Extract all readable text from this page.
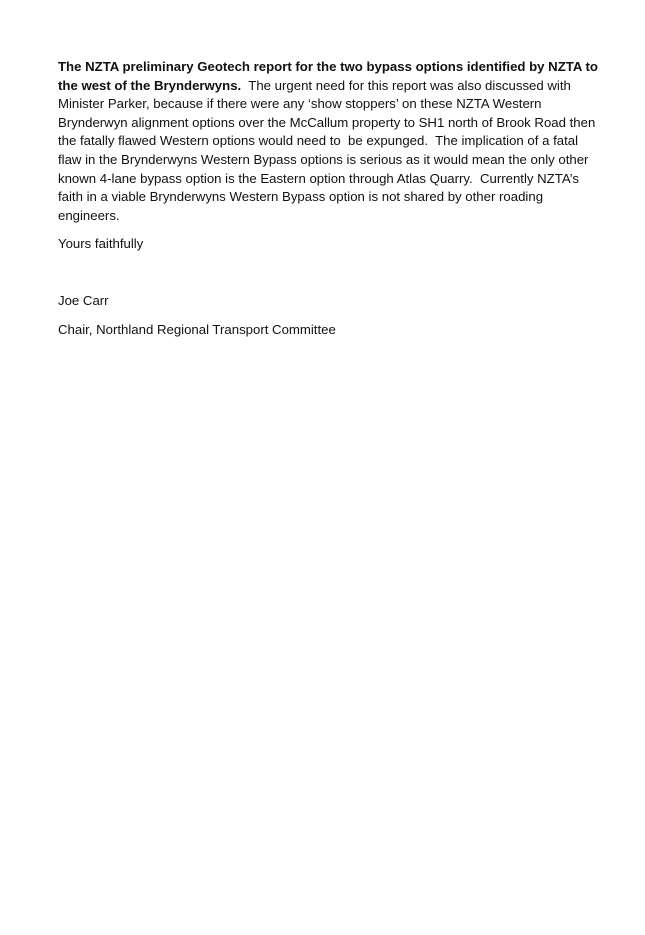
The NZTA preliminary Geotech report for the two bypass options identified by NZTA to the west of the Brynderwyns.  The urgent need for this report was also discussed with Minister Parker, because if there were any ‘show stoppers’ on these NZTA Western Brynderwyn alignment options over the McCallum property to SH1 north of Brook Road then the fatally flawed Western options would need to  be expunged.  The implication of a fatal flaw in the Brynderwyns Western Bypass options is serious as it would mean the only other known 4-lane bypass option is the Eastern option through Atlas Quarry.  Currently NZTA’s faith in a viable Brynderwyns Western Bypass option is not shared by other roading engineers.

Yours faithfully

Joe Carr

Chair, Northland Regional Transport Committee
